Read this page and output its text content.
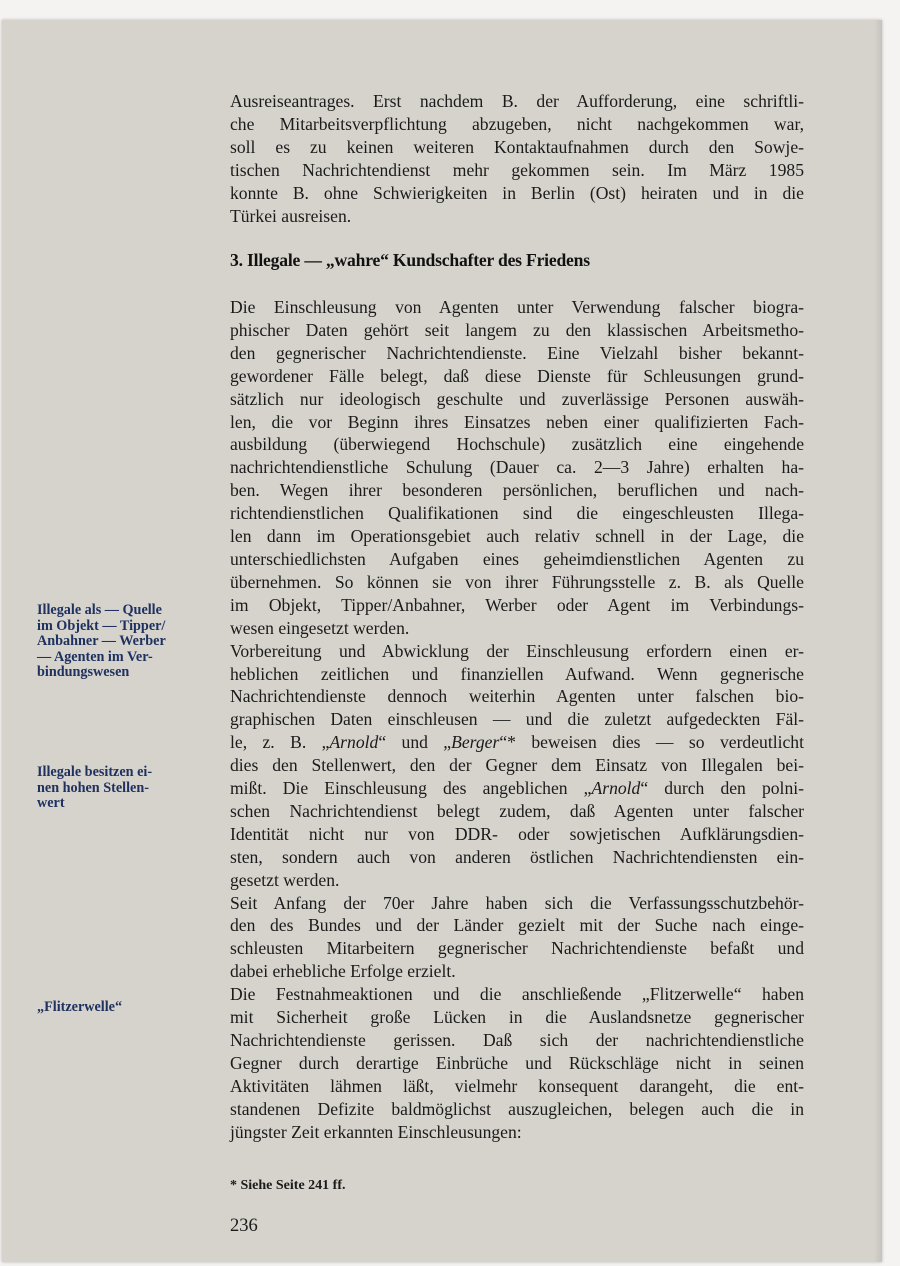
Ausreiseantrages. Erst nachdem B. der Aufforderung, eine schriftli-
che Mitarbeitsverpflichtung abzugeben, nicht nachgekommen war,
soll es zu keinen weiteren Kontaktaufnahmen durch den Sowje-
tischen Nachrichtendienst mehr gekommen sein. Im März 1985
konnte B. ohne Schwierigkeiten in Berlin (Ost) heiraten und in die
Türkei ausreisen.

3. Illegale — „wahre“ Kundschafter des Friedens

Die Einschleusung von Agenten unter Verwendung falscher biogra-
phischer Daten gehört seit langem zu den klassischen Arbeitsmetho-
den gegnerischer Nachrichtendienste. Eine Vielzahl bisher bekannt-
gewordener Fälle belegt, daß diese Dienste für Schleusungen grund-
sätzlich nur ideologisch geschulte und zuverlässige Personen auswäh-
len, die vor Beginn ihres Einsatzes neben einer qualifizierten Fach-
ausbildung (überwiegend Hochschule) zusätzlich eine eingehende
nachrichtendienstliche Schulung (Dauer ca. 2—3 Jahre) erhalten ha-
ben. Wegen ihrer besonderen persönlichen, beruflichen und nach-
richtendienstlichen Qualifikationen sind die eingeschleusten Illega-
len dann im Operationsgebiet auch relativ schnell in der Lage, die
unterschiedlichsten Aufgaben eines geheimdienstlichen Agenten zu
übernehmen. So können sie von ihrer Führungsstelle z. B. als Quelle
im Objekt, Tipper/Anbahner, Werber oder Agent im Verbindungs-
wesen eingesetzt werden.
Vorbereitung und Abwicklung der Einschleusung erfordern einen er-
heblichen zeitlichen und finanziellen Aufwand. Wenn gegnerische
Nachrichtendienste dennoch weiterhin Agenten unter falschen bio-
graphischen Daten einschleusen — und die zuletzt aufgedeckten Fäl-
le, z. B. „Arnold“ und „Berger“* beweisen dies — so verdeutlicht
dies den Stellenwert, den der Gegner dem Einsatz von Illegalen bei-
mißt. Die Einschleusung des angeblichen „Arnold“ durch den polni-
schen Nachrichtendienst belegt zudem, daß Agenten unter falscher
Identität nicht nur von DDR- oder sowjetischen Aufklärungsdien-
sten, sondern auch von anderen östlichen Nachrichtendiensten ein-
gesetzt werden.
Seit Anfang der 70er Jahre haben sich die Verfassungsschutzbehör-
den des Bundes und der Länder gezielt mit der Suche nach einge-
schleusten Mitarbeitern gegnerischer Nachrichtendienste befaßt und
dabei erhebliche Erfolge erzielt.
Die Festnahmeaktionen und die anschließende „Flitzerwelle“ haben
mit Sicherheit große Lücken in die Auslandsnetze gegnerischer
Nachrichtendienste gerissen. Daß sich der nachrichtendienstliche
Gegner durch derartige Einbrüche und Rückschläge nicht in seinen
Aktivitäten lähmen läßt, vielmehr konsequent darangeht, die ent-
standenen Defizite baldmöglichst auszugleichen, belegen auch die in
jüngster Zeit erkannten Einschleusungen:

Illegale als — Quelle
im Objekt — Tipper/
Anbahner — Werber
— Agenten im Ver-
bindungswesen

Illegale besitzen ei-
nen hohen Stellen-
wert

„Flitzerwelle“

* Siehe Seite 241 ff.

236
